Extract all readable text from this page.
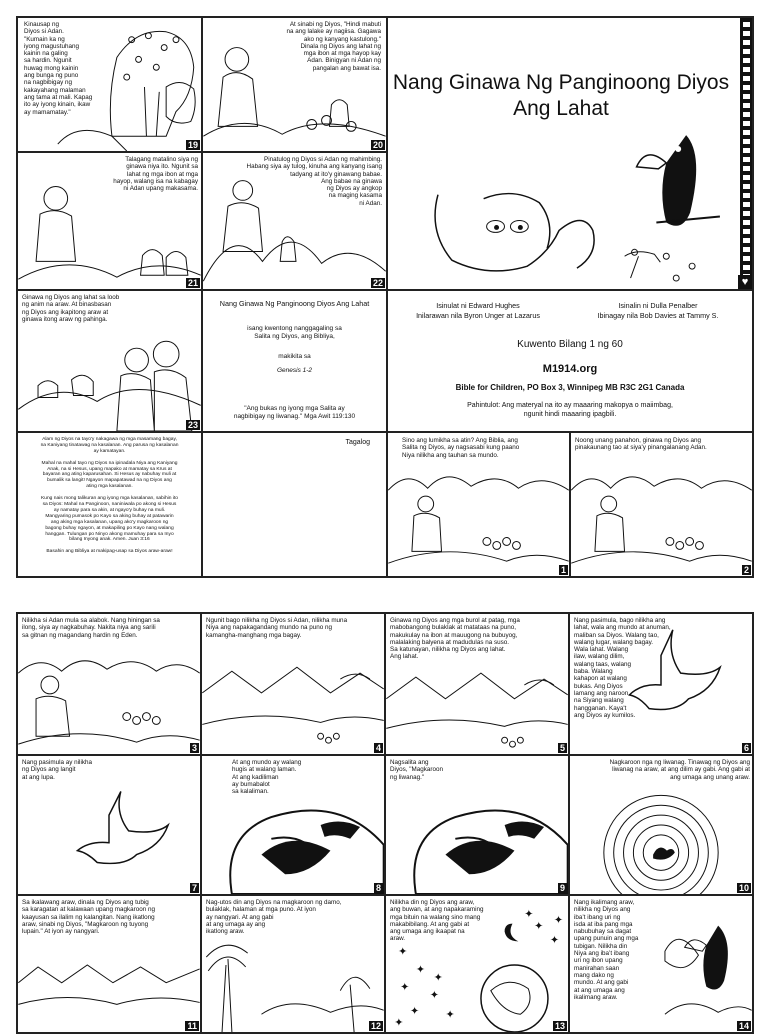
Kinausap ng
Diyos si Adan.
"Kumain ka ng
iyong magustuhang
kainin na galing
sa hardin. Ngunit
huwag mong kainin
ang bunga ng puno
na nagbibigay ng
kakayahang malaman
ang tama at mali. Kapag
ito ay iyong kinain, ikaw
ay mamamatay."
19
At sinabi ng Diyos, "Hindi mabuti
na ang lalake ay nagiisa. Gagawa
ako ng kanyang kastulong."
Dinala ng Diyos ang lahat ng
mga ibon at mga hayop kay
Adan. Binigyan ni Adan ng
pangalan ang bawat isa.
20
Talagang matalino siya ng
ginawa niya ito. Ngunit sa
lahat ng mga ibon at mga
hayop, walang isa na kabagay
ni Adan upang makasama.
21
Pinatulog ng Diyos si Adan ng mahimbing.
Habang siya ay tulog, kinuha ang kanyang isang
tadyang at ito'y ginawang babae.
Ang babae na ginawa
ng Diyos ay angkop
na maging kasama
ni Adan.
22
Nang Ginawa Ng Panginoong Diyos Ang Lahat
♥
Ginawa ng Diyos ang lahat sa loob
ng anim na araw. At binasbasan
ng Diyos ang ikapitong araw at
ginawa itong araw ng pahinga.
23
Nang Ginawa Ng Panginoong Diyos Ang Lahat
isang kwentong nanggagaling sa
Salita ng Diyos, ang Bibliya,
makikita sa
Genesis 1-2
"Ang bukas ng iyong mga Salita ay
nagbibigay ng liwanag." Mga Awit 119:130
Isinulat ni Edward Hughes
Inilarawan nila Byron Unger at Lazarus
Isinalin ni Dulla Penalber
Ibinagay nila Bob Davies at Tammy S.
Kuwento Bilang 1 ng 60
M1914.org
Bible for Children, PO Box 3, Winnipeg MB R3C 2G1 Canada
Pahintulot: Ang materyal na ito ay maaaring makopya o maiimbag,
ngunit hindi maaaring ipagbili.
Alam ng Diyos na tayo'y nakagawa ng mga masamang bagay,
na Kaniyang tinatawag na kasalanan. Ang parusa ng kasalanan
ay kamatayan.

Mahal na mahal tayo ng Diyos na ipinadala Niya ang Kaniyang
Anak, na si Hesus, upang mapako at mamatay sa Krus at
bayaran ang ating kaparusahan. Si Hesus ay nabuhay muli at
bumalik sa langit! Ngayon mapapatawad na ng Diyos ang
ating mga kasalanan.

Kung nais mong talikuran ang iyong mga kasalanan, sabihin ito
sa Diyos: Mahal na Panginoon, naniniwala po akong si Hesus
ay namatay para sa akin, at ngayo'y buhay na muli.
Mangyaring pumasok po Kayo sa aking buhay at patawarin
ang aking mga kasalanan, upang ako'y magkaroon ng
bagong buhay ngayon, at makapiling po Kayo nang walang
hanggan. Tulungan po Ninyo akong mamuhay para sa Inyo
bilang Inyong anak. Amen. Juan 3:16

Basahin ang Bibliya at makipag-usap sa Diyos araw-araw!
Tagalog	Sino ang lumikha sa atin? Ang Biblia, ang
Salita ng Diyos, ay nagsasabi kung paano
Niya nilikha ang tauhan sa mundo.
1
Noong unang panahon, ginawa ng Diyos ang
pinakaunang tao at siya'y pinangalanang Adan.
2
Nilikha si Adan mula sa alabok. Nang hiningan sa
ilong, siya ay nagkabuhay. Nakita niya ang sarili
sa gitnan ng magandang hardin ng Eden.
3
Ngunit bago nilikha ng Diyos si Adan, nilikha muna
Niya ang napakagandang mundo na puno ng
kamangha-manghang mga bagay.
4
Ginawa ng Diyos ang mga burol at patag, mga
mabobangong bulaklak at matataas na puno,
makukulay na ibon at mauugong na bubuyog,
malalaking balyena at madudulas na suso.
Sa katunayan, nilikha ng Diyos ang lahat.
Ang lahat.
5
Nang pasimula, bago nilikha ang
lahat, wala ang mundo at anuman,
maliban sa Diyos. Walang tao,
walang lugar, walang bagay.
Wala lahat. Walang
ilaw, walang dilim,
walang taas, walang
baba. Walang
kahapon at walang
bukas. Ang Diyos
lamang ang naroon,
na Siyang walang
hangganan. Kaya't
ang Diyos ay kumilos.
6
Nang pasimula ay nilikha
ng Diyos ang langit
at ang lupa.
7
At ang mundo ay walang
hugis at walang laman.
At ang kadiliman
ay bumabalot
sa kalaliman.
8
Nagsalita ang
Diyos, "Magkaroon
ng liwanag."
9
Nagkaroon nga ng liwanag. Tinawag ng Diyos ang
liwanag na araw, at ang dilim ay gabi. Ang gabi at
ang umaga ang unang araw.
10
Sa ikalawang araw, dinala ng Diyos ang tubig
sa karagatan at kalawaan upang magkaroon ng
kaayusan sa ilalim ng kalangitan. Nang ikatlong
araw, sinabi ng Diyos, "Magkaroon ng tuyong
lupain." At iyon ay nangyari.
11
Nag-utos din ang Diyos na magkaroon ng damo,
bulaklak, halaman at mga puno. At iyon
ay nangyari. At ang gabi
at ang umaga ay ang
ikatlong araw.
12
✦
✦
✦
✦
✦ ✦
✦
✦
✦
✦
✦ ✦
Nilikha din ng Diyos ang araw,
ang buwan, at ang napakaraming
mga bituin na walang sino mang
makabibilang. At ang gabi at
ang umaga ang ikaapat na
araw.
13
Nang ikalimang araw,
nilikha ng Diyos ang
ibaʼt ibang uri ng
isda at iba pang mga
nabubuhay sa dagat
upang punuin ang mga
tubigan. Nilikha din
Niya ang ibaʼt ibang
uri ng ibon upang
manirahan saan
mang dako ng
mundo. At ang gabi
at ang umaga ang
ikalimang araw.
14
